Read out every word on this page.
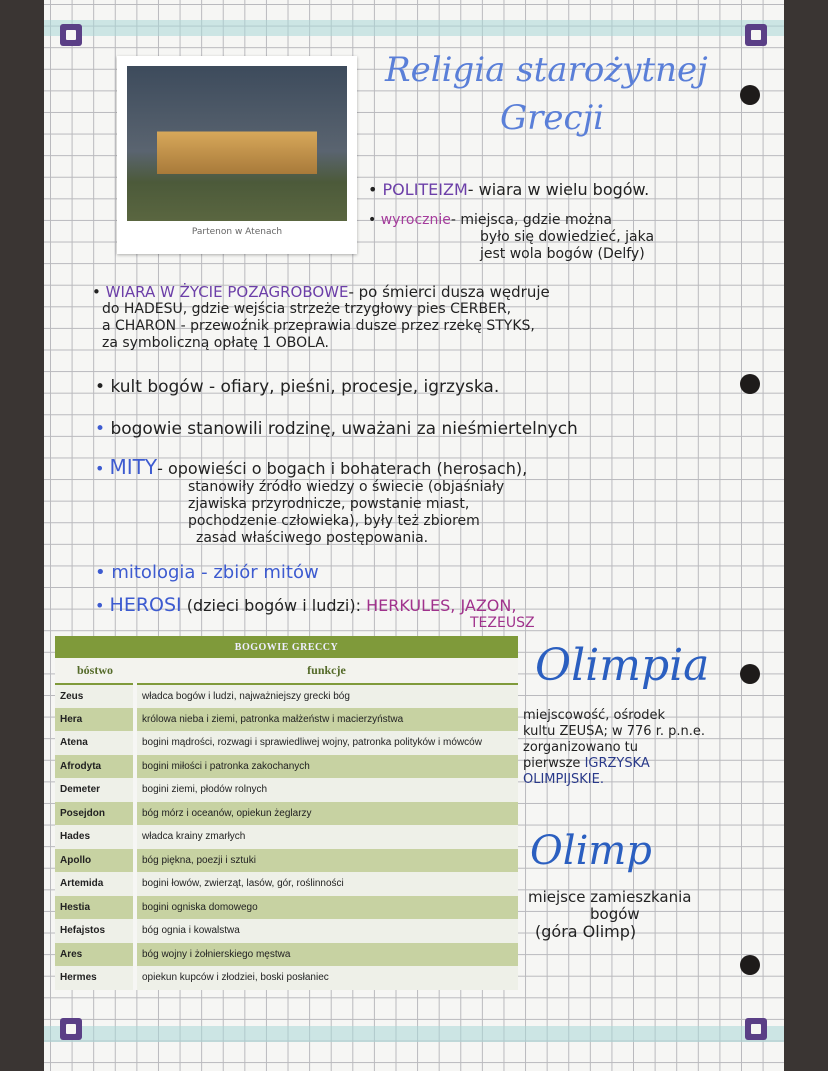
Partenon w Atenach
Religia starożytnej
Grecji
• POLITEIZM- wiara w wielu bogów.
• wyrocznie- miejsca, gdzie można
było się dowiedzieć, jaka
jest wola bogów (Delfy)
• WIARA W ŻYCIE POZAGROBOWE- po śmierci dusza wędruje
do HADESU, gdzie wejścia strzeże trzygłowy pies CERBER,
a CHARON - przewoźnik przeprawia dusze przez rzekę STYKS,
za symboliczną opłatę 1 OBOLA.
• kult bogów - ofiary, pieśni, procesje, igrzyska.
• bogowie stanowili rodzinę, uważani za nieśmiertelnych
• MITY- opowieści o bogach i bohaterach (herosach),
stanowiły źródło wiedzy o świecie (objaśniały
zjawiska przyrodnicze, powstanie miast,
pochodzenie człowieka), były też zbiorem
zasad właściwego postępowania.
• mitologia - zbiór mitów
• HEROSI (dzieci bogów i ludzi): HERKULES, JAZON,
TEZEUSZ
BOGOWIE GRECCY	
bóstwo	funkcje
Zeus	władca bogów i ludzi, najważniejszy grecki bóg
Hera	królowa nieba i ziemi, patronka małżeństw i macierzyństwa
Atena	bogini mądrości, rozwagi i sprawiedliwej wojny, patronka polityków i mówców
Afrodyta	bogini miłości i patronka zakochanych
Demeter	bogini ziemi, płodów rolnych
Posejdon	bóg mórz i oceanów, opiekun żeglarzy
Hades	władca krainy zmarłych
Apollo	bóg piękna, poezji i sztuki
Artemida	bogini łowów, zwierząt, lasów, gór, roślinności
Hestia	bogini ogniska domowego
Hefajstos	bóg ognia i kowalstwa
Ares	bóg wojny i żołnierskiego męstwa
Hermes	opiekun kupców i złodziei, boski posłaniec
Olimpia
miejscowość, ośrodek
kultu ZEUSA; w 776 r. p.n.e.
zorganizowano tu
pierwsze IGRZYSKA
OLIMPIJSKIE.
Olimp
miejsce zamieszkania
bogów
(góra Olimp)
